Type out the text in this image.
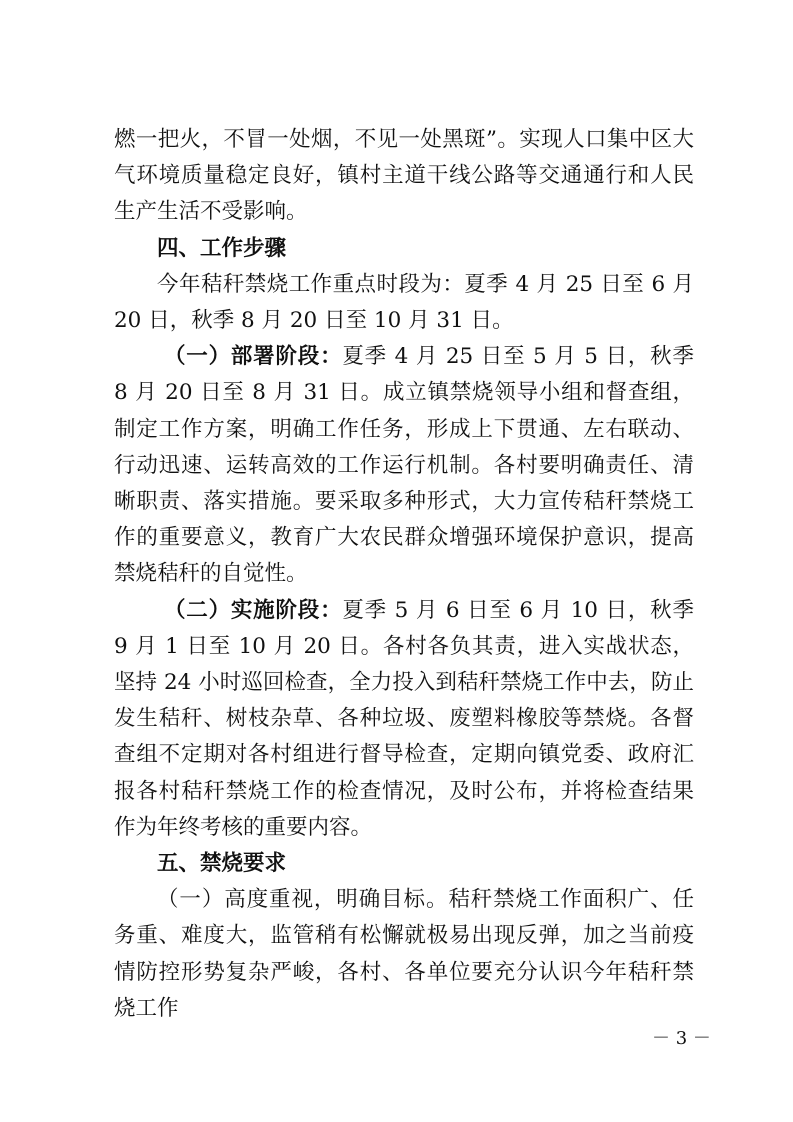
燃一把火，不冒一处烟，不见一处黑斑”。实现人口集中区大气环境质量稳定良好，镇村主道干线公路等交通通行和人民生产生活不受影响。

四、工作步骤

今年秸秆禁烧工作重点时段为：夏季 4 月 25 日至 6 月 20 日，秋季 8 月 20 日至 10 月 31 日。

（一）部署阶段：夏季 4 月 25 日至 5 月 5 日，秋季 8 月 20 日至 8 月 31 日。成立镇禁烧领导小组和督查组，制定工作方案，明确工作任务，形成上下贯通、左右联动、行动迅速、运转高效的工作运行机制。各村要明确责任、清晰职责、落实措施。要采取多种形式，大力宣传秸秆禁烧工作的重要意义，教育广大农民群众增强环境保护意识，提高禁烧秸秆的自觉性。

（二）实施阶段：夏季 5 月 6 日至 6 月 10 日，秋季 9 月 1 日至 10 月 20 日。各村各负其责，进入实战状态，坚持 24 小时巡回检查，全力投入到秸秆禁烧工作中去，防止发生秸秆、树枝杂草、各种垃圾、废塑料橡胶等禁烧。各督查组不定期对各村组进行督导检查，定期向镇党委、政府汇报各村秸秆禁烧工作的检查情况，及时公布，并将检查结果作为年终考核的重要内容。

五、禁烧要求

（一）高度重视，明确目标。秸秆禁烧工作面积广、任务重、难度大，监管稍有松懈就极易出现反弹，加之当前疫情防控形势复杂严峻，各村、各单位要充分认识今年秸秆禁烧工作

－ 3 －
